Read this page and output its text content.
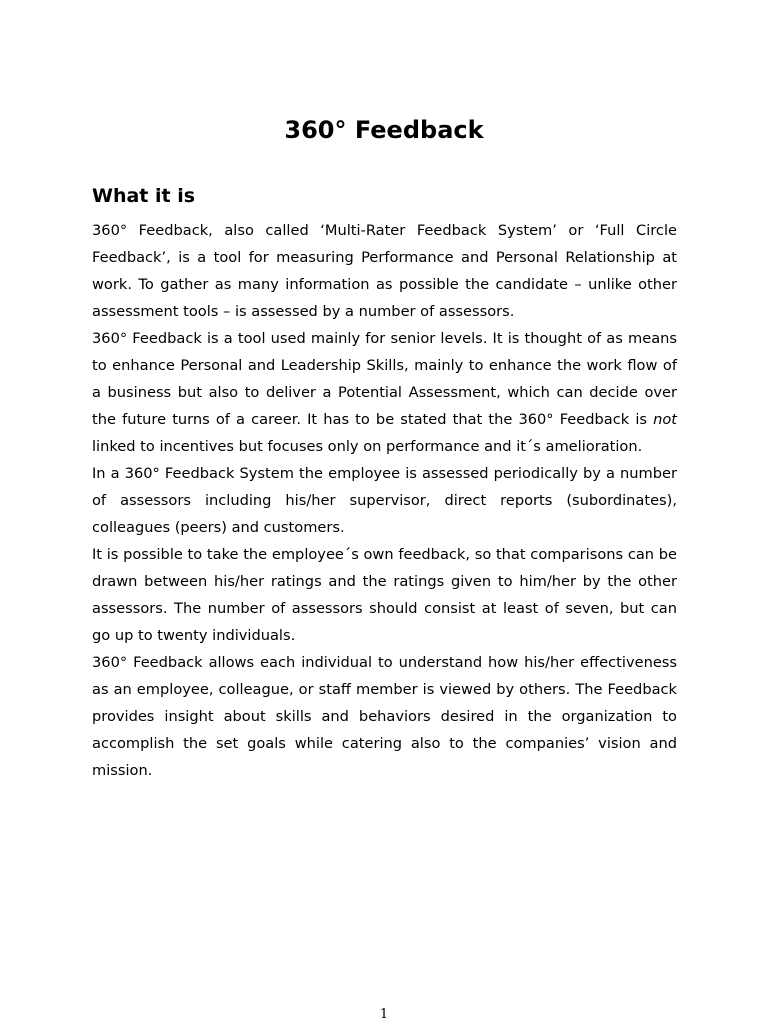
360° Feedback
What it is

360° Feedback, also called ‘Multi-Rater Feedback System’ or ‘Full Circle Feedback’, is a tool for measuring Performance and Personal Relationship at work. To gather as many information as possible the candidate – unlike other assessment tools – is assessed by a number of assessors.

360° Feedback is a tool used mainly for senior levels. It is thought of as means to enhance Personal and Leadership Skills, mainly to enhance the work flow of a business but also to deliver a Potential Assessment, which can decide over the future turns of a career. It has to be stated that the 360° Feedback is not linked to incentives but focuses only on performance and it´s amelioration.

In a 360° Feedback System the employee is assessed periodically by a number of assessors including his/her supervisor, direct reports (subordinates), colleagues (peers) and customers.

It is possible to take the employee´s own feedback, so that comparisons can be drawn between his/her ratings and the ratings given to him/her by the other assessors. The number of assessors should consist at least of seven, but can go up to twenty individuals.

360° Feedback allows each individual to understand how his/her effectiveness as an employee, colleague, or staff member is viewed by others. The Feedback provides insight about skills and behaviors desired in the organization to accomplish the set goals while catering also to the companies’ vision and mission.

1
